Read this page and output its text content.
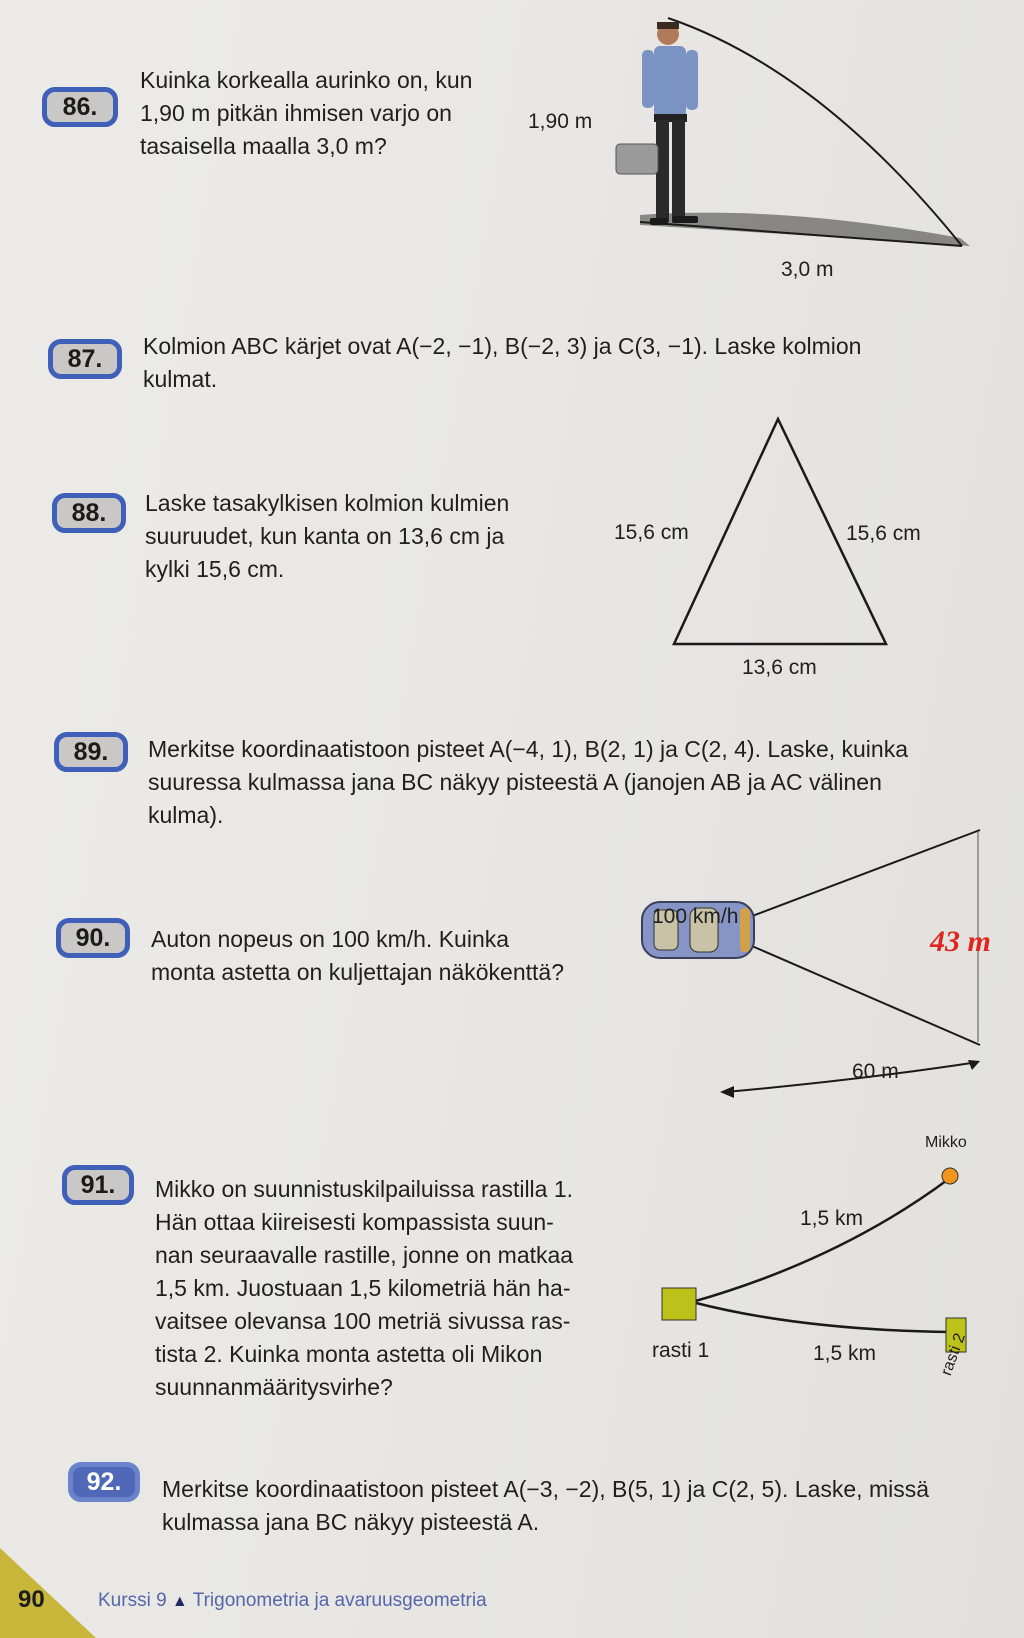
86.

Kuinka korkealla aurinko on, kun

1,90 m pitkän ihmisen varjo on

tasaisella maalla 3,0 m?

1,90 m
3,0 m
87.	Kolmion ABC kärjet ovat A(−2, −1), B(−2, 3) ja C(3, −1). Laske kolmion

kulmat.

88.	Laske tasakylkisen kolmion kulmien

suuruudet, kun kanta on 13,6 cm ja

kylki 15,6 cm.

15,6 cm	15,6 cm
13,6 cm
89.	Merkitse koordinaatistoon pisteet A(−4, 1), B(2, 1) ja C(2, 4). Laske, kuinka

suuressa kulmassa jana BC näkyy pisteestä A (janojen AB ja AC välinen

kulma).

90.	Auton nopeus on 100 km/h. Kuinka

monta astetta on kuljettajan näkökenttä?

100 km/h
60 m
43 m
91.	Mikko on suunnistuskilpailuissa rastilla 1.

Hän ottaa kiireisesti kompassista suun-

nan seuraavalle rastille, jonne on matkaa

1,5 km. Juostuaan 1,5 kilometriä hän ha-

vaitsee olevansa 100 metriä sivussa ras-

tista 2. Kuinka monta astetta oli Mikon

suunnanmääritysvirhe?

Mikko
1,5 km
1,5 km
rasti 1	rasti 2
92.	Merkitse koordinaatistoon pisteet A(−3, −2), B(5, 1) ja C(2, 5). Laske, missä

kulmassa jana BC näkyy pisteestä A.

90	Kurssi 9 ▲ Trigonometria ja avaruusgeometria
